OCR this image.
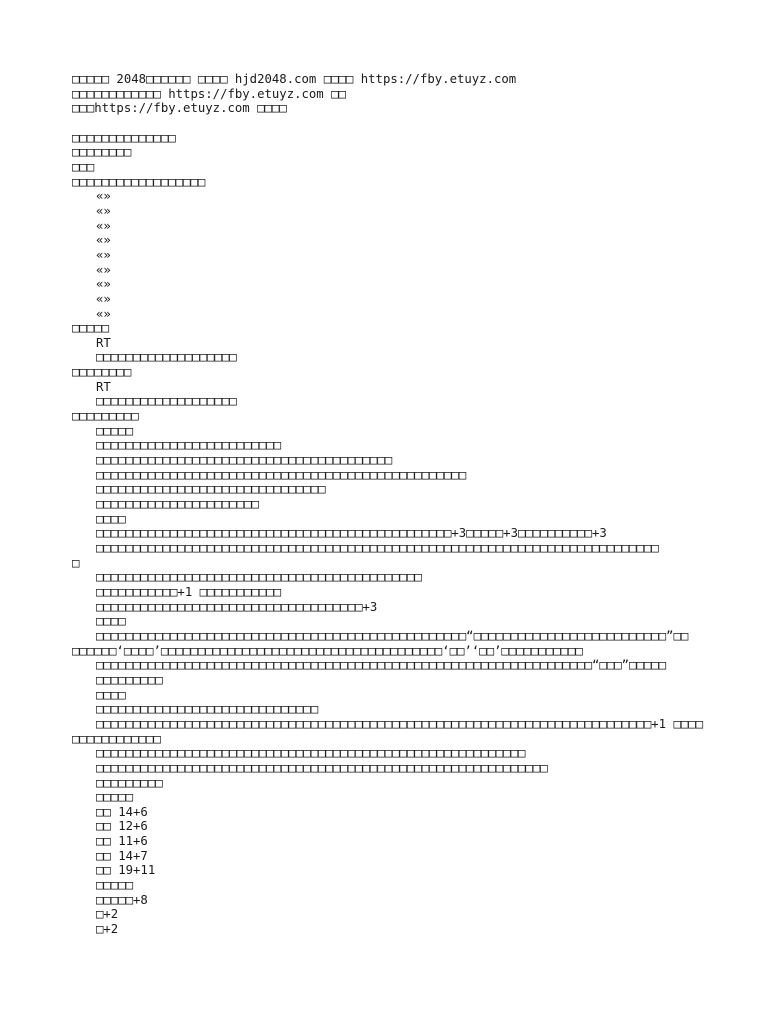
□□□□□ 2048□□□□□□ □□□□ hjd2048.com □□□□ https://fby.etuyz.com
□□□□□□□□□□□□ https://fby.etuyz.com □□
□□□https://fby.etuyz.com □□□□
□□□□□□□□□□□□□□
□□□□□□□□
□□□
□□□□□□□□□□□□□□□□□□
«»
«»
«»
«»
«»
«»
«»
«»
«»
□□□□□
RT
□□□□□□□□□□□□□□□□□□□
□□□□□□□□
RT
□□□□□□□□□□□□□□□□□□□
□□□□□□□□□
□□□□□
□□□□□□□□□□□□□□□□□□□□□□□□□
□□□□□□□□□□□□□□□□□□□□□□□□□□□□□□□□□□□□□□□□
□□□□□□□□□□□□□□□□□□□□□□□□□□□□□□□□□□□□□□□□□□□□□□□□□□
□□□□□□□□□□□□□□□□□□□□□□□□□□□□□□□
□□□□□□□□□□□□□□□□□□□□□□
□□□□
□□□□□□□□□□□□□□□□□□□□□□□□□□□□□□□□□□□□□□□□□□□□□□□□+3□□□□□+3□□□□□□□□□□+3
□□□□□□□□□□□□□□□□□□□□□□□□□□□□□□□□□□□□□□□□□□□□□□□□□□□□□□□□□□□□□□□□□□□□□□□□□□□□
□
□□□□□□□□□□□□□□□□□□□□□□□□□□□□□□□□□□□□□□□□□□□□
□□□□□□□□□□□+1 □□□□□□□□□□□
□□□□□□□□□□□□□□□□□□□□□□□□□□□□□□□□□□□□+3
□□□□
□□□□□□□□□□□□□□□□□□□□□□□□□□□□□□□□□□□□□□□□□□□□□□□□□□“□□□□□□□□□□□□□□□□□□□□□□□□□□”□□
□□□□□□‘□□□□’□□□□□□□□□□□□□□□□□□□□□□□□□□□□□□□□□□□□□□‘□□’‘□□’□□□□□□□□□□□
□□□□□□□□□□□□□□□□□□□□□□□□□□□□□□□□□□□□□□□□□□□□□□□□□□□□□□□□□□□□□□□□□□□“□□□”□□□□□
□□□□□□□□□
□□□□
□□□□□□□□□□□□□□□□□□□□□□□□□□□□□□
□□□□□□□□□□□□□□□□□□□□□□□□□□□□□□□□□□□□□□□□□□□□□□□□□□□□□□□□□□□□□□□□□□□□□□□□□□□+1 □□□□
□□□□□□□□□□□□
□□□□□□□□□□□□□□□□□□□□□□□□□□□□□□□□□□□□□□□□□□□□□□□□□□□□□□□□□□
□□□□□□□□□□□□□□□□□□□□□□□□□□□□□□□□□□□□□□□□□□□□□□□□□□□□□□□□□□□□□
□□□□□□□□□
□□□□□
□□ 14+6
□□ 12+6
□□ 11+6
□□ 14+7
□□ 19+11
□□□□□
□□□□□+8
□+2
□+2
